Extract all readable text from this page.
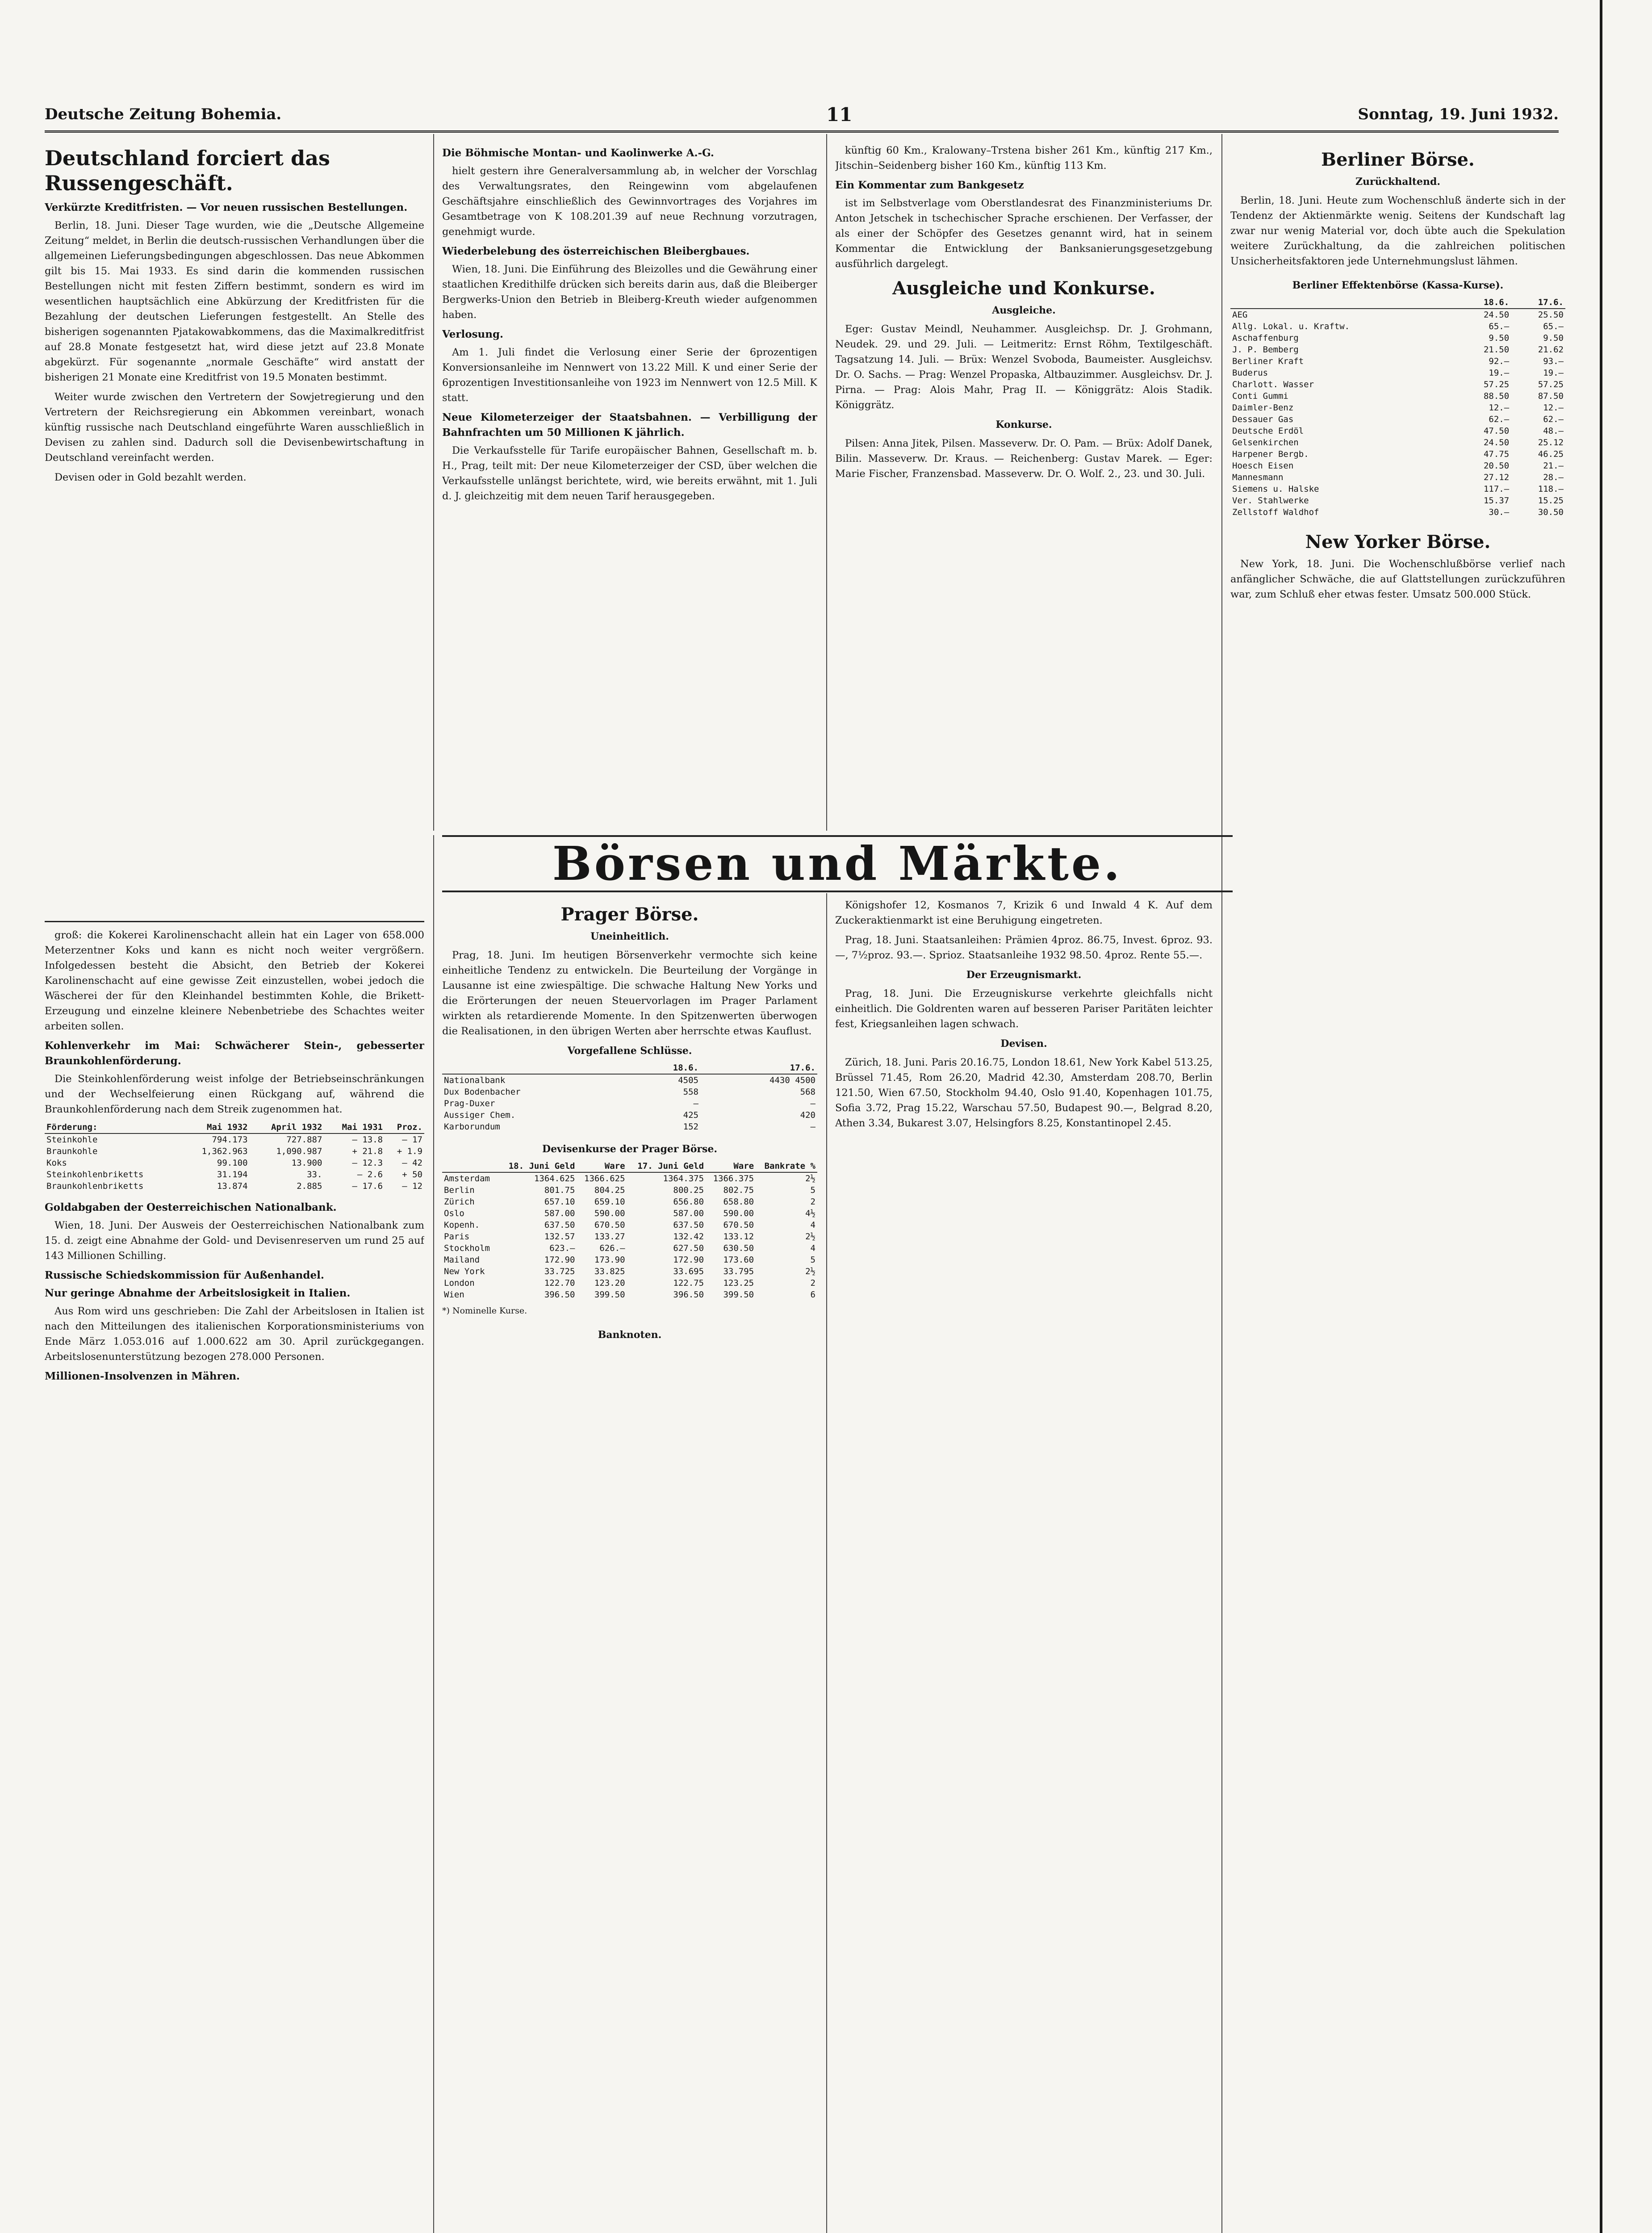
Deutsche Zeitung Bohemia.	11	Sonntag, 19. Juni 1932.
Deutschland forciert das Russengeschäft.
Verkürzte Kreditfristen. — Vor neuen russischen Bestellungen.

Berlin, 18. Juni. Dieser Tage wurden, wie die „Deutsche Allgemeine Zeitung“ meldet, in Berlin die deutsch-russischen Verhandlungen über die allgemeinen Lieferungsbedingungen abgeschlossen. Das neue Abkommen gilt bis 15. Mai 1933. Es sind darin die kommenden russischen Bestellungen nicht mit festen Ziffern bestimmt, sondern es wird im wesentlichen hauptsächlich eine Abkürzung der Kreditfristen für die Bezahlung der deutschen Lieferungen festgestellt. An Stelle des bisherigen sogenannten Pjatakowabkommens, das die Maximalkreditfrist auf 28.8 Monate festgesetzt hat, wird diese jetzt auf 23.8 Monate abgekürzt. Für sogenannte „normale Geschäfte“ wird anstatt der bisherigen 21 Monate eine Kreditfrist von 19.5 Monaten bestimmt.

Weiter wurde zwischen den Vertretern der Sowjetregierung und den Vertretern der Reichsregierung ein Abkommen vereinbart, wonach künftig russische nach Deutschland eingeführte Waren ausschließlich in Devisen zu zahlen sind. Dadurch soll die Devisenbewirtschaftung in Deutschland vereinfacht werden.

Devisen oder in Gold bezahlt werden.

groß: die Kokerei Karolinenschacht allein hat ein Lager von 658.000 Meterzentner Koks und kann es nicht noch weiter vergrößern. Infolgedessen besteht die Absicht, den Betrieb der Kokerei Karolinenschacht auf eine gewisse Zeit einzustellen, wobei jedoch die Wäscherei der für den Kleinhandel bestimmten Kohle, die Brikett-Erzeugung und einzelne kleinere Nebenbetriebe des Schachtes weiter arbeiten sollen.

Kohlenverkehr im Mai: Schwächerer Stein-, gebesserter Braunkohlenförderung.

Die Steinkohlenförderung weist infolge der Betriebseinschränkungen und der Wechselfeierung einen Rückgang auf, während die Braunkohlenförderung nach dem Streik zugenommen hat.

Förderung:	Mai 1932	April 1932	Mai 1931	Proz.
Steinkohle	794.173	727.887	— 13.8	— 17
Braunkohle	1,362.963	1,090.987	+ 21.8	+ 1.9
Koks	99.100	13.900	— 12.3	— 42
Steinkohlenbriketts	31.194	33.	— 2.6	+ 50
Braunkohlenbriketts	13.874	2.885	— 17.6	— 12
Goldabgaben der Oesterreichischen Nationalbank.

Wien, 18. Juni. Der Ausweis der Oesterreichischen Nationalbank zum 15. d. zeigt eine Abnahme der Gold- und Devisenreserven um rund 25 auf 143 Millionen Schilling.

Russische Schiedskommission für Außenhandel.
Nur geringe Abnahme der Arbeitslosigkeit in Italien.

Aus Rom wird uns geschrieben: Die Zahl der Arbeitslosen in Italien ist nach den Mitteilungen des italienischen Korporationsministeriums von Ende März 1.053.016 auf 1.000.622 am 30. April zurückgegangen. Arbeitslosenunterstützung bezogen 278.000 Personen.

Millionen-Insolvenzen in Mähren.
Die Böhmische Montan- und Kaolinwerke A.-G.

hielt gestern ihre Generalversammlung ab, in welcher der Vorschlag des Verwaltungsrates, den Reingewinn vom abgelaufenen Geschäftsjahre einschließlich des Gewinnvortrages des Vorjahres im Gesamtbetrage von K 108.201.39 auf neue Rechnung vorzutragen, genehmigt wurde.

Wiederbelebung des österreichischen Bleibergbaues.

Wien, 18. Juni. Die Einführung des Bleizolles und die Gewährung einer staatlichen Kredithilfe drücken sich bereits darin aus, daß die Bleiberger Bergwerks-Union den Betrieb in Bleiberg-Kreuth wieder aufgenommen haben.

Verlosung.

Am 1. Juli findet die Verlosung einer Serie der 6prozentigen Konversionsanleihe im Nennwert von 13.22 Mill. K und einer Serie der 6prozentigen Investitionsanleihe von 1923 im Nennwert von 12.5 Mill. K statt.

Neue Kilometerzeiger der Staatsbahnen. — Verbilligung der Bahnfrachten um 50 Millionen K jährlich.

Die Verkaufsstelle für Tarife europäischer Bahnen, Gesellschaft m. b. H., Prag, teilt mit: Der neue Kilometerzeiger der CSD, über welchen die Verkaufsstelle unlängst berichtete, wird, wie bereits erwähnt, mit 1. Juli d. J. gleichzeitig mit dem neuen Tarif herausgegeben.

künftig 60 Km., Kralowany–Trstena bisher 261 Km., künftig 217 Km., Jitschin–Seidenberg bisher 160 Km., künftig 113 Km.

Ein Kommentar zum Bankgesetz

ist im Selbstverlage vom Oberstlandesrat des Finanzministeriums Dr. Anton Jetschek in tschechischer Sprache erschienen. Der Verfasser, der als einer der Schöpfer des Gesetzes genannt wird, hat in seinem Kommentar die Entwicklung der Banksanierungsgesetzgebung ausführlich dargelegt.

Ausgleiche und Konkurse.
Ausgleiche.

Eger: Gustav Meindl, Neuhammer. Ausgleichsp. Dr. J. Grohmann, Neudek. 29. und 29. Juli. — Leitmeritz: Ernst Röhm, Textilgeschäft. Tagsatzung 14. Juli. — Brüx: Wenzel Svoboda, Baumeister. Ausgleichsv. Dr. O. Sachs. — Prag: Wenzel Propaska, Altbauzimmer. Ausgleichsv. Dr. J. Pirna. — Prag: Alois Mahr, Prag II. — Königgrätz: Alois Stadik. Königgrätz.

Konkurse.

Pilsen: Anna Jitek, Pilsen. Masseverw. Dr. O. Pam. — Brüx: Adolf Danek, Bilin. Masseverw. Dr. Kraus. — Reichenberg: Gustav Marek. — Eger: Marie Fischer, Franzensbad. Masseverw. Dr. O. Wolf. 2., 23. und 30. Juli.

Börsen und Märkte.
Prager Börse.
Uneinheitlich.

Prag, 18. Juni. Im heutigen Börsenverkehr vermochte sich keine einheitliche Tendenz zu entwickeln. Die Beurteilung der Vorgänge in Lausanne ist eine zwiespältige. Die schwache Haltung New Yorks und die Erörterungen der neuen Steuervorlagen im Prager Parlament wirkten als retardierende Momente. In den Spitzenwerten überwogen die Realisationen, in den übrigen Werten aber herrschte etwas Kauflust.

Vorgefallene Schlüsse.
	18.6.	17.6.
Nationalbank	4505	4430 4500
Dux Bodenbacher	558	568
Prag-Duxer	—	—
Aussiger Chem.	425	420
Karborundum	152	—
Devisenkurse der Prager Börse.
	18. Juni Geld	Ware	17. Juni Geld	Ware	Bankrate %
Amsterdam	1364.625	1366.625	1364.375	1366.375	2½
Berlin	801.75	804.25	800.25	802.75	5
Zürich	657.10	659.10	656.80	658.80	2
Oslo	587.00	590.00	587.00	590.00	4½
Kopenh.	637.50	670.50	637.50	670.50	4
Paris	132.57	133.27	132.42	133.12	2½
Stockholm	623.—	626.—	627.50	630.50	4
Mailand	172.90	173.90	172.90	173.60	5
New York	33.725	33.825	33.695	33.795	2½
London	122.70	123.20	122.75	123.25	2
Wien	396.50	399.50	396.50	399.50	6
*) Nominelle Kurse.
Banknoten.

Königshofer 12, Kosmanos 7, Krizik 6 und Inwald 4 K. Auf dem Zuckeraktienmarkt ist eine Beruhigung eingetreten.

Prag, 18. Juni. Staatsanleihen: Prämien 4proz. 86.75, Invest. 6proz. 93.—, 7½proz. 93.—. Sprioz. Staatsanleihe 1932 98.50. 4proz. Rente 55.—.

Der Erzeugnismarkt.

Prag, 18. Juni. Die Erzeugniskurse verkehrte gleichfalls nicht einheitlich. Die Goldrenten waren auf besseren Pariser Paritäten leichter fest, Kriegsanleihen lagen schwach.

Devisen.

Zürich, 18. Juni. Paris 20.16.75, London 18.61, New York Kabel 513.25, Brüssel 71.45, Rom 26.20, Madrid 42.30, Amsterdam 208.70, Berlin 121.50, Wien 67.50, Stockholm 94.40, Oslo 91.40, Kopenhagen 101.75, Sofia 3.72, Prag 15.22, Warschau 57.50, Budapest 90.—, Belgrad 8.20, Athen 3.34, Bukarest 3.07, Helsingfors 8.25, Konstantinopel 2.45.

Berliner Börse.
Zurückhaltend.

Berlin, 18. Juni. Heute zum Wochenschluß änderte sich in der Tendenz der Aktienmärkte wenig. Seitens der Kundschaft lag zwar nur wenig Material vor, doch übte auch die Spekulation weitere Zurückhaltung, da die zahlreichen politischen Unsicherheitsfaktoren jede Unternehmungslust lähmen.

Berliner Effektenbörse (Kassa-Kurse).
	18.6.	17.6.
AEG	24.50	25.50
Allg. Lokal. u. Kraftw.	65.—	65.—
Aschaffenburg	9.50	9.50
J. P. Bemberg	21.50	21.62
Berliner Kraft	92.—	93.—
Buderus	19.—	19.—
Charlott. Wasser	57.25	57.25
Conti Gummi	88.50	87.50
Daimler-Benz	12.—	12.—
Dessauer Gas	62.—	62.—
Deutsche Erdöl	47.50	48.—
Gelsenkirchen	24.50	25.12
Harpener Bergb.	47.75	46.25
Hoesch Eisen	20.50	21.—
Mannesmann	27.12	28.—
Siemens u. Halske	117.—	118.—
Ver. Stahlwerke	15.37	15.25
Zellstoff Waldhof	30.—	30.50
New Yorker Börse.

New York, 18. Juni. Die Wochenschlußbörse verlief nach anfänglicher Schwäche, die auf Glattstellungen zurückzuführen war, zum Schluß eher etwas fester. Umsatz 500.000 Stück.
